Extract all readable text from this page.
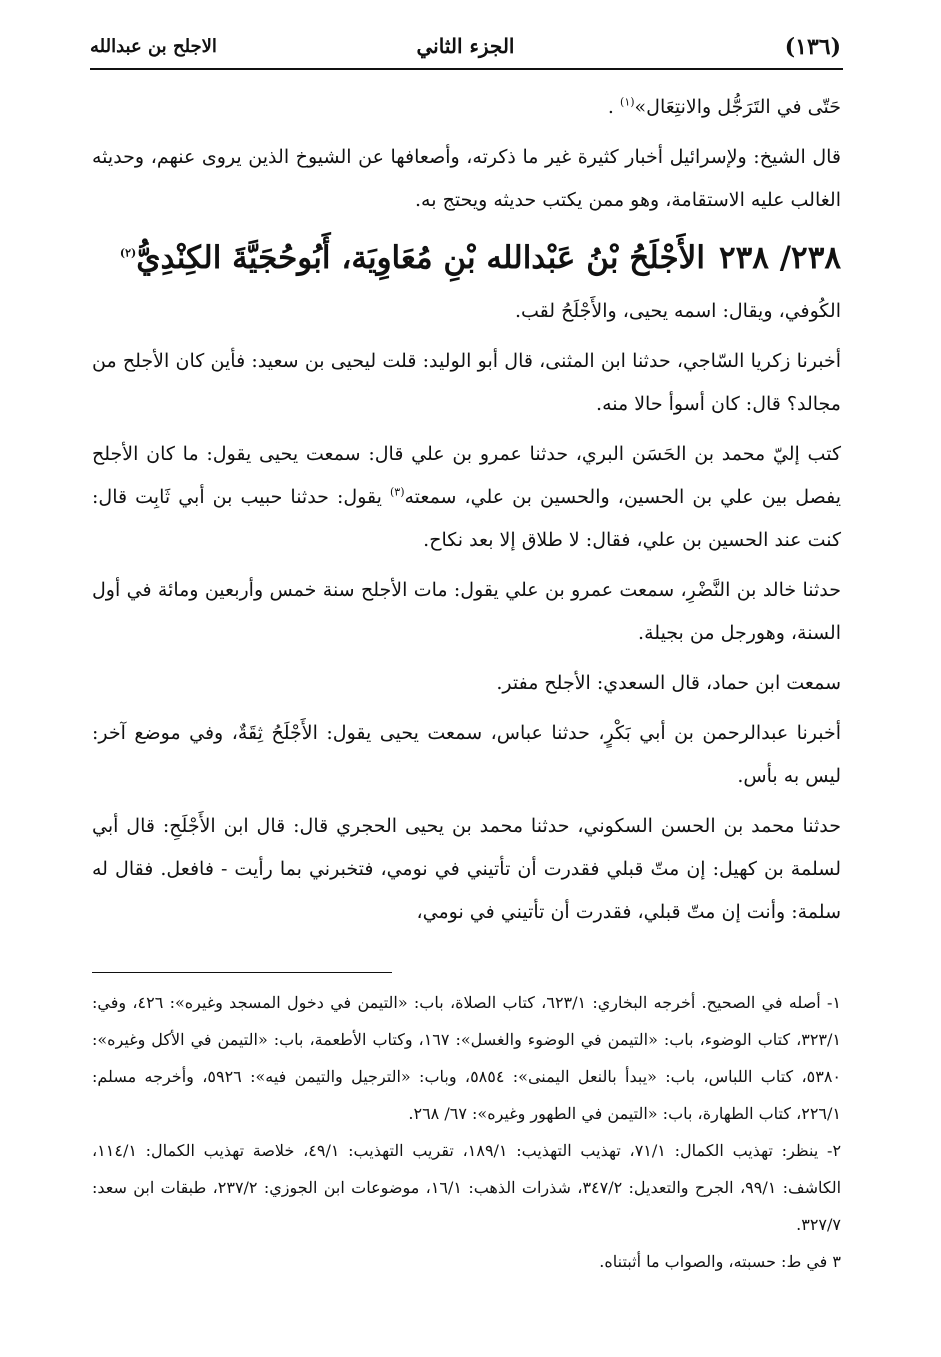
(١٣٦)
الجزء الثاني
الاجلح بن عبدالله

حَتّى في التَرَجُّل والانتِعَال»$^{(١)}$ .

قال الشيخ: ولإسرائيل أخبار كثيرة غير ما ذكرته، وأصعافها عن الشيوخ الذين يروى عنهم، وحديثه الغالب عليه الاستقامة، وهو ممن يكتب حديثه ويحتج به.

٢٣٨/ ٢٣٨الأَجْلَحُ بْنُ عَبْدالله بْنِ مُعَاوِيَة، أَبُوحُجَيَّةَ الكِنْدِيُّ$^{(٢)}$

الكُوفي، ويقال: اسمه يحيى، والأَجْلَحُ لقب.

أخبرنا زكريا السّاجي، حدثنا ابن المثنى، قال أبو الوليد: قلت ليحيى بن سعيد: فأين كان الأجلح من مجالد؟ قال: كان أسوأ حالا منه.

كتب إليّ محمد بن الحَسَن البري، حدثنا عمرو بن علي قال: سمعت يحيى يقول: ما كان الأجلح يفصل بين علي بن الحسين، والحسين بن علي، سمعته$^{(٣)}$ يقول: حدثنا حبيب بن أبي ثَابِت قال: كنت عند الحسين بن علي، فقال: لا طلاق إلا بعد نكاح.

حدثنا خالد بن النَّضْرِ، سمعت عمرو بن علي يقول: مات الأجلح سنة خمس وأربعين ومائة في أول السنة، وهورجل من بجيلة.

سمعت ابن حماد، قال السعدي: الأجلح مفتر.

أخبرنا عبدالرحمن بن أبي بَكْرٍ، حدثنا عباس، سمعت يحيى يقول: الأَجْلَحُ ثِقَةٌ، وفي موضع آخر: ليس به بأس.

حدثنا محمد بن الحسن السكوني، حدثنا محمد بن يحيى الحجري قال: قال ابن الأَجْلَحِ: قال أبي لسلمة بن كهيل: إن متّ قبلي فقدرت أن تأتيني في نومي، فتخبرني بما رأيت - فافعل. فقال له سلمة: وأنت إن متّ قبلي، فقدرت أن تأتيني في نومي،

١- أصله في الصحيح. أخرجه البخاري: ٦٢٣/١، كتاب الصلاة، باب: «التيمن في دخول المسجد وغيره»: ٤٢٦، وفي: ٣٢٣/١، كتاب الوضوء، باب: «التيمن في الوضوء والغسل»: ١٦٧، وكتاب الأطعمة، باب: «التيمن في الأكل وغيره»: ٥٣٨٠، كتاب اللباس، باب: «يبدأ بالنعل اليمنى»: ٥٨٥٤، وباب: «الترجيل والتيمن فيه»: ٥٩٢٦، وأخرجه مسلم: ٢٢٦/١، كتاب الطهارة، باب: «التيمن في الطهور وغيره»: ٦٧/ ٢٦٨.

٢- ينظر: تهذيب الكمال: ٧١/١، تهذيب التهذيب: ١٨٩/١، تقريب التهذيب: ٤٩/١، خلاصة تهذيب الكمال: ١١٤/١، الكاشف: ٩٩/١، الجرح والتعديل: ٣٤٧/٢، شذرات الذهب: ١٦/١، موضوعات ابن الجوزي: ٢٣٧/٢، طبقات ابن سعد: ٣٢٧/٧.

٣ في ط: حسبته، والصواب ما أثبتناه.
